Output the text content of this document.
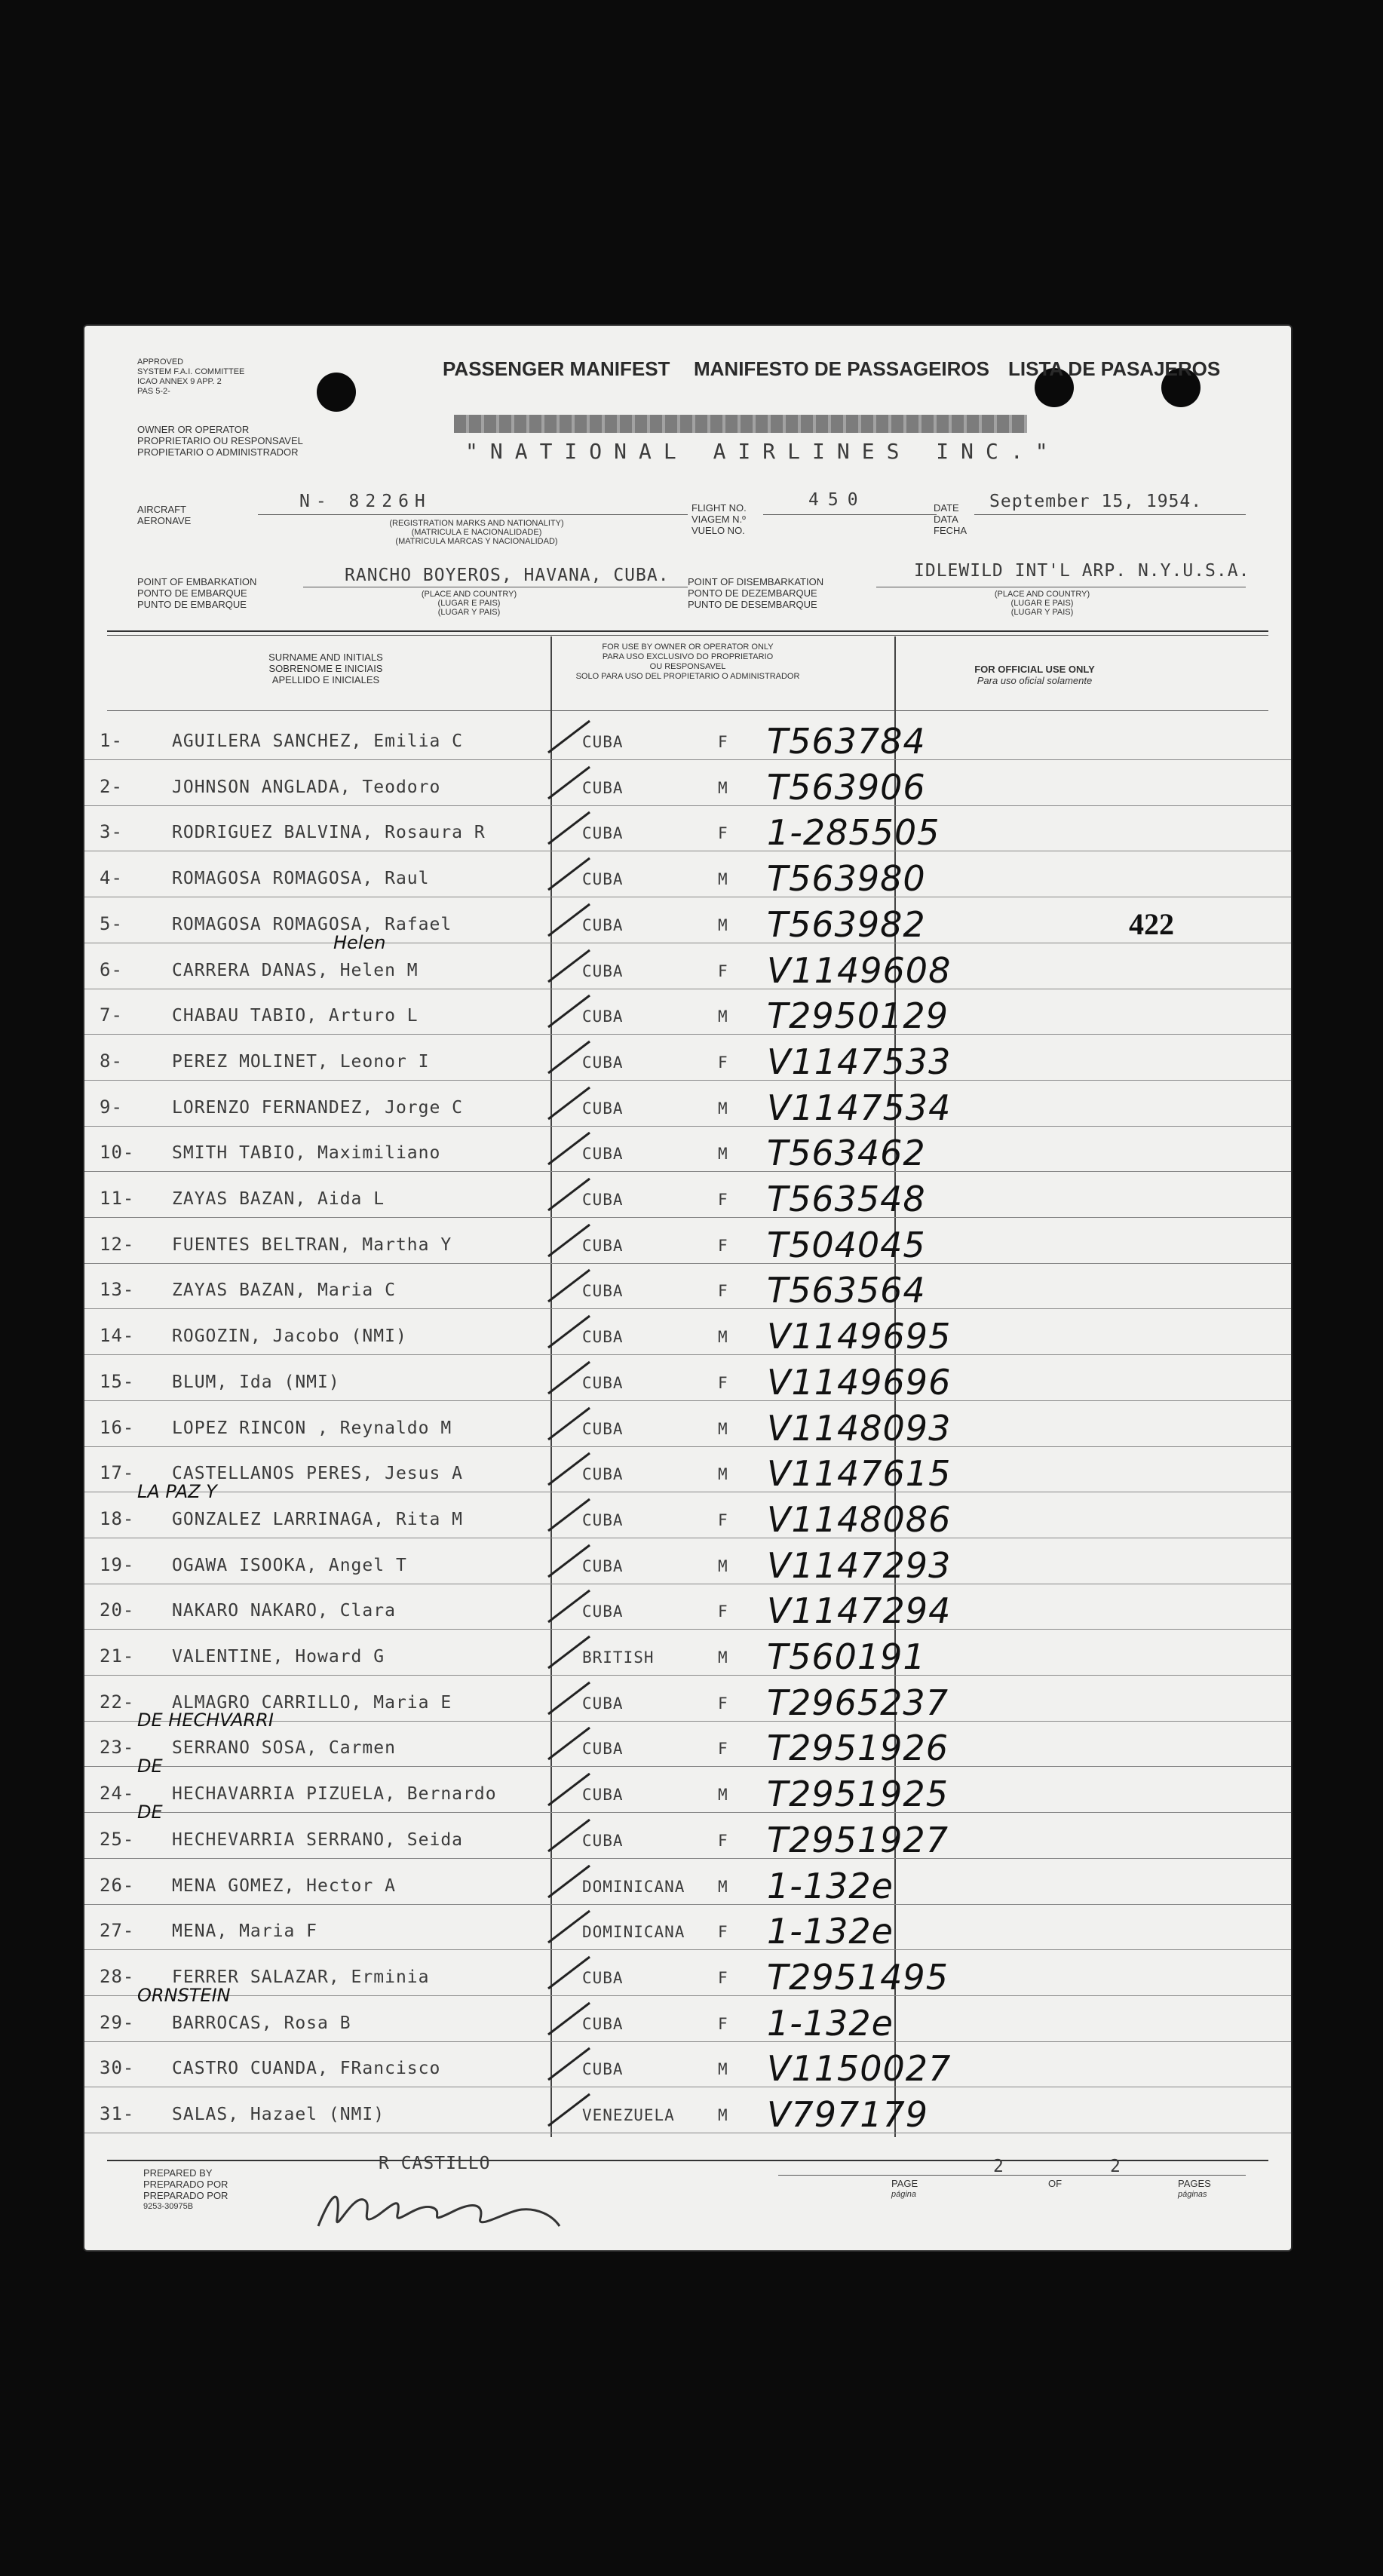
APPROVED
SYSTEM F.A.I. COMMITTEE
ICAO ANNEX 9 APP. 2
PAS 5-2-
PASSENGER MANIFEST MANIFESTO DE PASSAGEIROS LISTA DE PASAJEROS
OWNER OR OPERATOR
PROPRIETARIO OU RESPONSAVEL
PROPIETARIO O ADMINISTRADOR	"NATIONAL AIRLINES INC."
AIRCRAFT
AERONAVE
N- 8226H
(REGISTRATION MARKS AND NATIONALITY)
(MATRICULA E NACIONALIDADE)
(MATRICULA MARCAS Y NACIONALIDAD)
FLIGHT NO.
VIAGEM N.º
VUELO NO.
450	DATE
DATA
FECHA
September 15, 1954.
POINT OF EMBARKATION
PONTO DE EMBARQUE
PUNTO DE EMBARQUE
RANCHO BOYEROS, HAVANA, CUBA.
(PLACE AND COUNTRY)
(LUGAR E PAIS)
(LUGAR Y PAIS)
POINT OF DISEMBARKATION
PONTO DE DEZEMBARQUE
PUNTO DE DESEMBARQUE
IDLEWILD INT'L ARP. N.Y.U.S.A.
(PLACE AND COUNTRY)
(LUGAR E PAIS)
(LUGAR Y PAIS)
SURNAME AND INITIALS
SOBRENOME E INICIAIS
APELLIDO E INICIALES
FOR USE BY OWNER OR OPERATOR ONLY
PARA USO EXCLUSIVO DO PROPRIETARIO
OU RESPONSAVEL
SOLO PARA USO DEL PROPIETARIO O ADMINISTRADOR
FOR OFFICIAL USE ONLY
Para uso oficial solamente
422
1-	AGUILERA SANCHEZ, Emilia C	CUBA	F T563784
2-	JOHNSON ANGLADA, Teodoro	CUBA	M T563906
3-	RODRIGUEZ BALVINA, Rosaura R	CUBA	F 1-285505
4-	ROMAGOSA ROMAGOSA, Raul	CUBA	M T563980
5-	ROMAGOSA ROMAGOSA, Rafael	CUBA	M T563982
6-	CARRERA DANAS, Helen M	CUBA	F V1149608
Helen
7-	CHABAU TABIO, Arturo L	CUBA	M T2950129
8-	PEREZ MOLINET, Leonor I	CUBA	F V1147533
9-	LORENZO FERNANDEZ, Jorge C	CUBA	M V1147534
10- SMITH TABIO, Maximiliano	CUBA	M T563462
11- ZAYAS BAZAN, Aida L	CUBA	F T563548
12- FUENTES BELTRAN, Martha Y	CUBA	F T504045
13- ZAYAS BAZAN, Maria C	CUBA	F T563564
14- ROGOZIN, Jacobo (NMI)	CUBA	M V1149695
15- BLUM, Ida (NMI)	CUBA	F V1149696
16- LOPEZ RINCON , Reynaldo M	CUBA	M V1148093
17- CASTELLANOS PERES, Jesus A	CUBA	M V1147615
18- GONZALEZ LARRINAGA, Rita M	CUBA	F V1148086
LA PAZ Y
19- OGAWA ISOOKA, Angel T	CUBA	M V1147293
20- NAKARO NAKARO, Clara	CUBA	F V1147294
21- VALENTINE, Howard G	BRITISH	M T560191
22- ALMAGRO CARRILLO, Maria E	CUBA	F T2965237
23- SERRANO SOSA, Carmen	CUBA	F T2951926
DE HECHVARRI
24- HECHAVARRIA PIZUELA, Bernardo	CUBA	M T2951925
DE
25- HECHEVARRIA SERRANO, Seida	CUBA	F T2951927
DE
26- MENA GOMEZ, Hector A	DOMINICANA M 1-132e
27- MENA, Maria F	DOMINICANA F 1-132e
28- FERRER SALAZAR, Erminia	CUBA	F T2951495
29- BARROCAS, Rosa B	CUBA	F 1-132e
ORNSTEIN
30- CASTRO CUANDA, FRancisco	CUBA	M V1150027
31- SALAS, Hazael (NMI)	VENEZUELA	M V797179
PREPARED BY
PREPARADO POR
PREPARADO POR
9253-30975B
R CASTILLO	2	2
PAGE
página
OF	PAGES
páginas
